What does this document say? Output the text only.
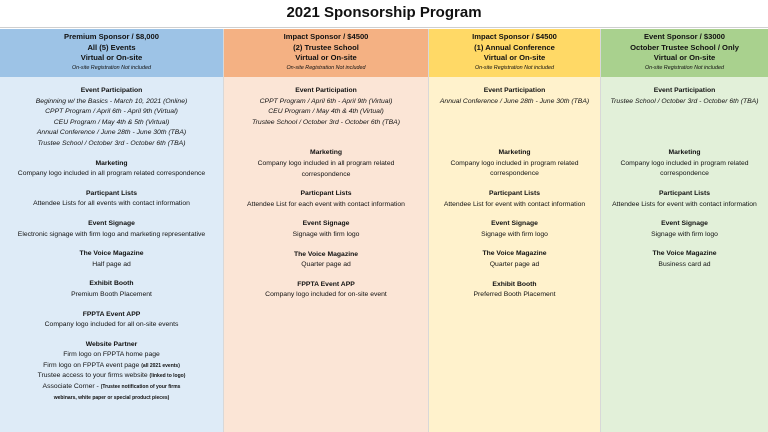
2021 Sponsorship Program
Premium Sponsor / $8,000
All (5) Events
Virtual or On-site
On-site Registration Not included
Event Participation
Beginning w/ the Basics - March 10, 2021 (Online)
CPPT Program / April 6th - April 9th (Virtual)
CEU Program / May 4th & 5th (Virtual)
Annual Conference / June 28th - June 30th (TBA)
Trustee School / October 3rd - October 6th (TBA)
Marketing
Company logo included in all program related correspondence
Particpant Lists
Attendee Lists for all events with contact information
Event Signage
Electronic signage with firm logo and marketing representative
The Voice Magazine
Half page ad
Exhibit Booth
Premium Booth Placement
FPPTA Event APP
Company logo included for all on-site events
Website Partner
Firm logo on FPPTA home page
Firm logo on FPPTA event page (all 2021 events)
Trustee access to your firms website (linked to logo)
Associate Corner - (Trustee notification of your firms
webinars, white paper or special product pieces)
Impact Sponsor / $4500
(2) Trustee School
Virtual or On-site
On-site Registration Not included
Event Participation
CPPT Program / April 6th - April 9th (Virtual)
CEU Program / May 4th & 4th (Virtual)
Trustee School / October 3rd - October 6th (TBA)
Marketing
Company logo included in all program related
correspondence
Particpant Lists
Attendee List for each event with contact information
Event Signage
Signage with firm logo
The Voice Magazine
Quarter page ad
FPPTA Event APP
Company logo included for on-site event
Impact Sponsor / $4500
(1) Annual Conference
Virtual or On-site
On-site Registration Not included
Event Participation
Annual Conference / June 28th - June 30th (TBA)
Marketing
Company logo included in program related
correspondence
Particpant Lists
Attendee List for event with contact information
Event Signage
Signage with firm logo
The Voice Magazine
Quarter page ad
Exhibit Booth
Preferred Booth Placement
Event Sponsor / $3000
October Trustee School / Only
Virtual or On-site
On-site Registration Not included
Event Participation
Trustee School / October 3rd - October 6th (TBA)
Marketing
Company logo included in program related
correspondence
Particpant Lists
Attendee Lists for event with contact information
Event Signage
Signage with firm logo
The Voice Magazine
Business card ad
